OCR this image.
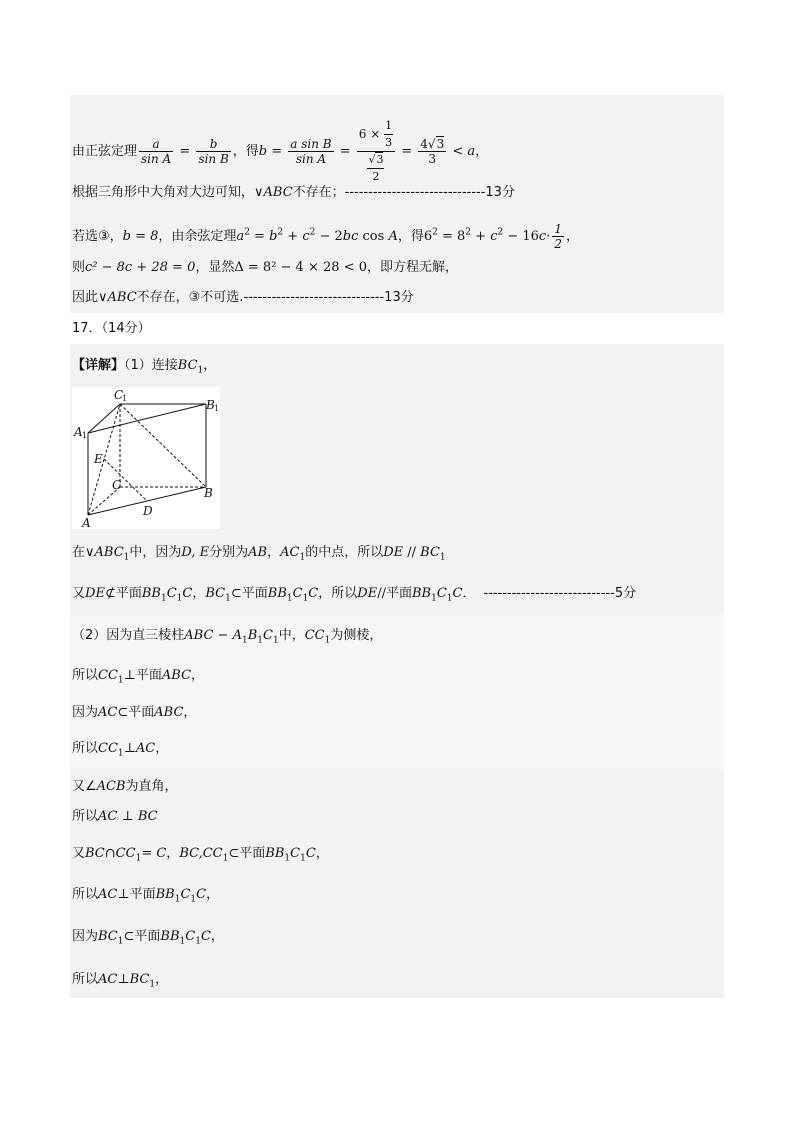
由正弦定理 $\frac{a}{\text{sin A}} = \frac{b}{\text{sin B}}$ ，得$b = \frac{\text{a sin B}}{\text{sin A}} = \frac{6 \times \frac{1}{3}}{\frac{√3}{2}} = \frac{4√3}{3} < a$，
根据三角形中大角对大边可知，∨ABC不存在；------------------------------13分
若选③，b = 8，由余弦定理$a^2 = b^2 + c^2 - 2bc$ cos A，得$6^2 = 8^2 + c^2 - 16c\cdot \frac{1}{2}$ ，
则c² − 8c + 28 = 0，显然Δ = 8² − 4 × 28 < 0，即方程无解，
因此∨ABC不存在，③不可选.------------------------------13分
17．（14分）
【详解】（1）连接$BC_1$，
C
1	B 1
A 1
E
C
B
D
A
在$\vee ABC_1$中，因为D, E分别为AB，$AC_1$的中点，所以DE // $BC_1$
又DE⊄平面$BB_1C_1C$，$BC_1\subset$平面$BB_1C_1C$，所以DE//平面$BB_1C_1C$． ----------------------------5分
（2）因为直三棱柱ABC − $A_1B_1C_1$中，$CC_1$为侧棱，
所以$CC_1\perp$平面ABC，
因为AC⊂平面ABC，
所以$CC_1\perp AC$，
又∠ACB为直角，
所以AC ⊥ BC
又$BC\cap CC_1= C$，$BC,CC_1\subset$平面$BB_1C_1C$，
所以AC⊥平面$BB_1C_1C$，
因为$BC_1\subset$平面$BB_1C_1C$，
所以$AC\perp BC_1$，
